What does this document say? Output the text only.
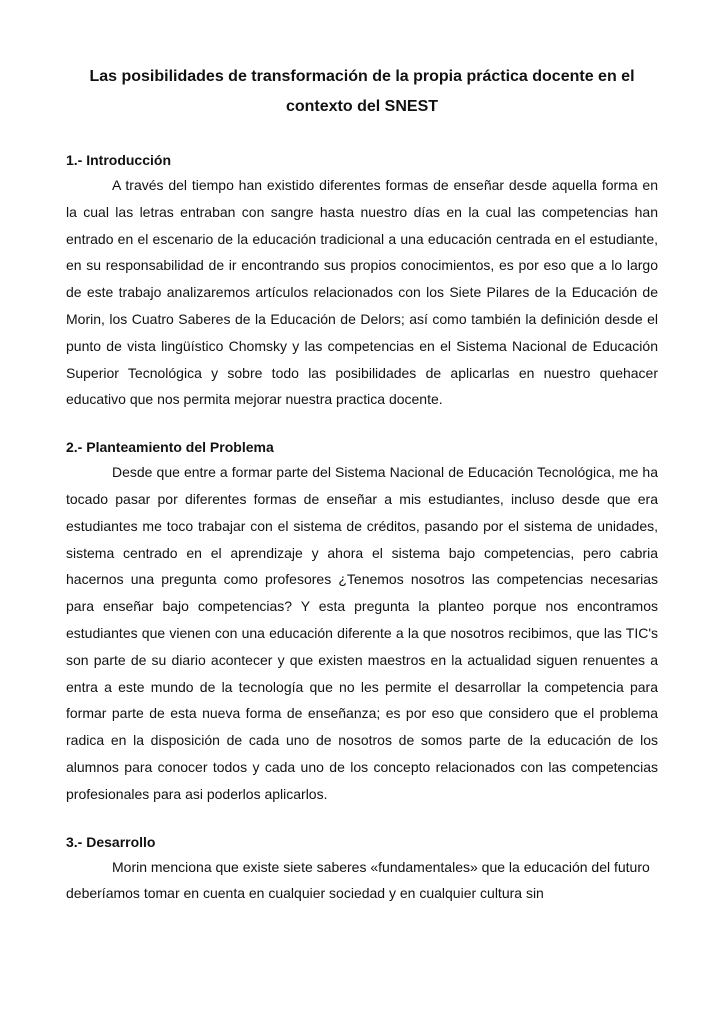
Las posibilidades de transformación de la propia práctica docente en el
contexto del SNEST
1.- Introducción

A través del tiempo han existido diferentes formas de enseñar desde aquella forma en la cual las letras entraban con sangre hasta nuestro días en la cual las competencias han entrado en el escenario de la educación tradicional a una educación centrada en el estudiante, en su responsabilidad de ir encontrando sus propios conocimientos, es por eso que a lo largo de este trabajo analizaremos artículos relacionados con los Siete Pilares de la Educación de Morin, los Cuatro Saberes de la Educación de Delors; así como también la definición desde el punto de vista lingüístico Chomsky y las competencias en el Sistema Nacional de Educación Superior Tecnológica y sobre todo las posibilidades de aplicarlas en nuestro quehacer educativo que nos permita mejorar nuestra practica docente.

2.- Planteamiento del Problema

Desde que entre a formar parte del Sistema Nacional de Educación Tecnológica, me ha tocado pasar por diferentes formas de enseñar a mis estudiantes, incluso desde que era estudiantes me toco trabajar con el sistema de créditos, pasando por el sistema de unidades, sistema centrado en el aprendizaje y ahora el sistema bajo competencias, pero cabria hacernos una pregunta como profesores ¿Tenemos nosotros las competencias necesarias para enseñar bajo competencias? Y esta pregunta la planteo porque nos encontramos estudiantes que vienen con una educación diferente a la que nosotros recibimos, que las TIC's son parte de su diario acontecer y que existen maestros en la actualidad siguen renuentes a entra a este mundo de la tecnología que no les permite el desarrollar la competencia para formar parte de esta nueva forma de enseñanza; es por eso que considero que el problema radica en la disposición de cada uno de nosotros de somos parte de la educación de los alumnos para conocer todos y cada uno de los concepto relacionados con las competencias profesionales para asi poderlos aplicarlos.

3.- Desarrollo

Morin menciona que existe siete saberes «fundamentales» que la educación del futuro deberíamos tomar en cuenta en cualquier sociedad y en cualquier cultura sin
